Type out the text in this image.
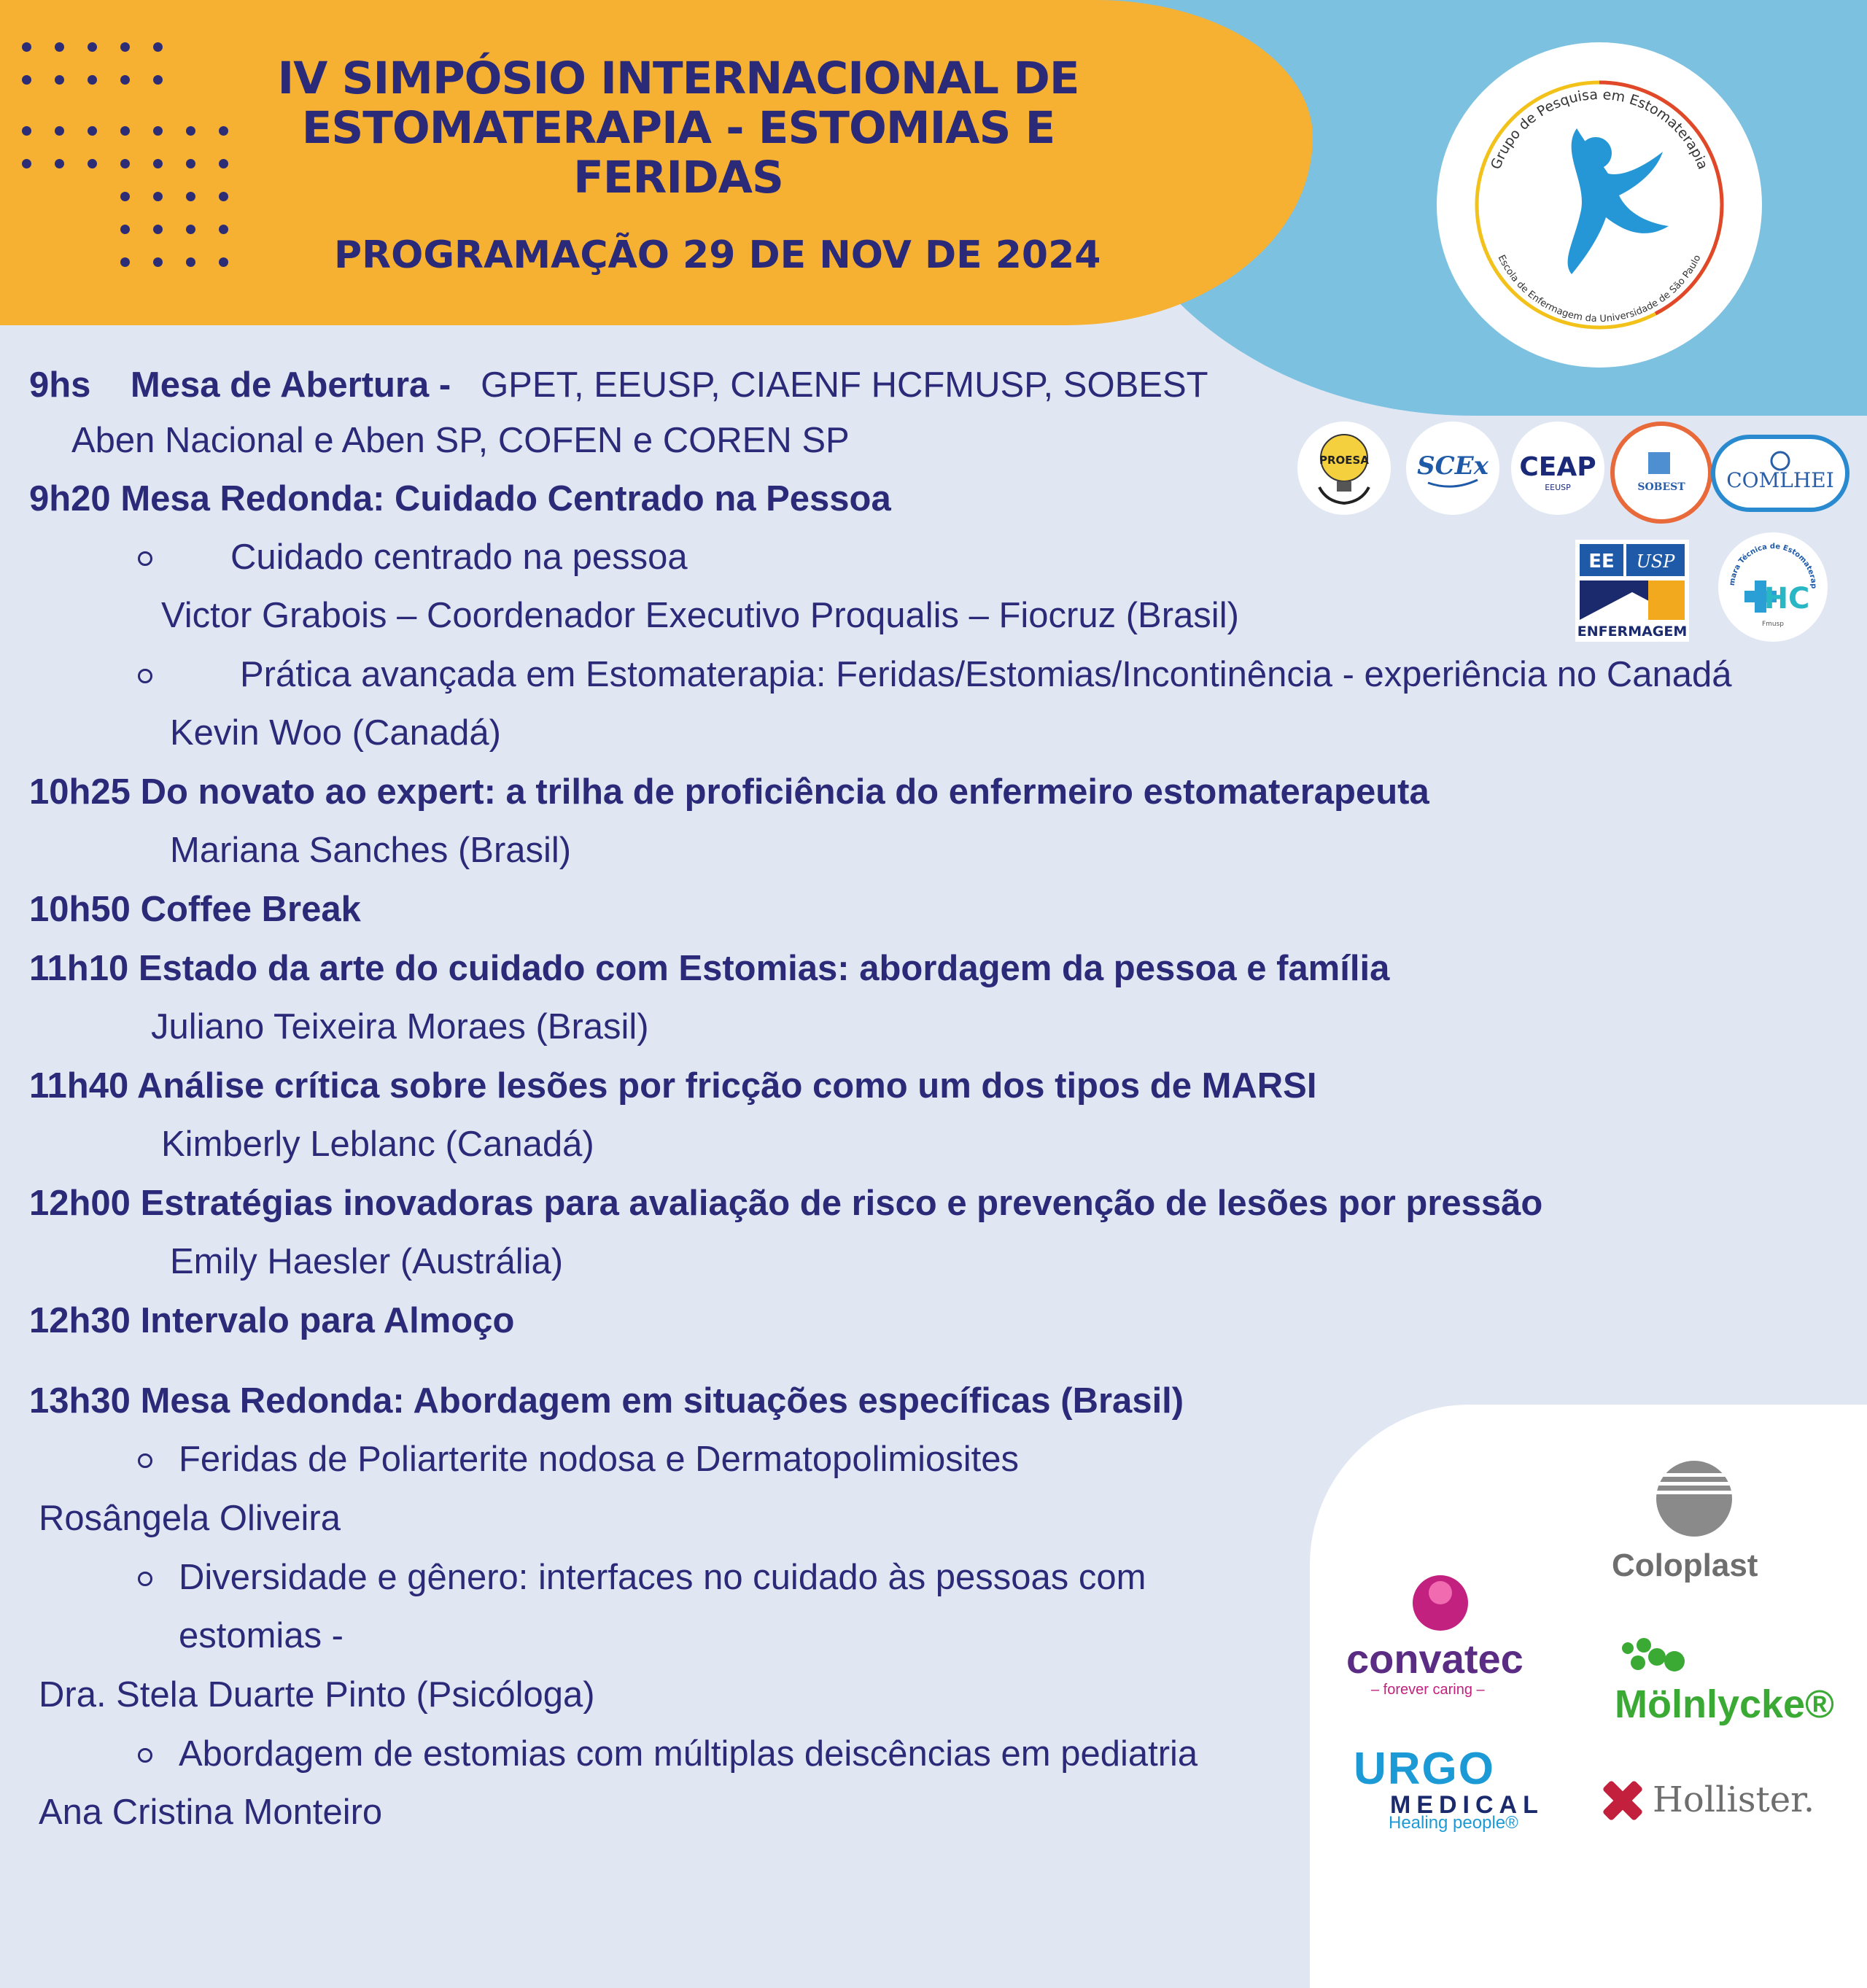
IV SIMPÓSIO INTERNACIONAL DE
ESTOMATERAPIA - ESTOMIAS E
FERIDAS
PROGRAMAÇÃO 29 DE NOV DE 2024
Grupo de Pesquisa em Estomaterapia
Escola de Enfermagem da Universidade de São Paulo
9hs Mesa de Abertura - GPET, EEUSP, CIAENF HCFMUSP, SOBEST
Aben Nacional e Aben SP, COFEN e COREN SP
9h20 Mesa Redonda: Cuidado Centrado na Pessoa
Cuidado centrado na pessoa
Victor Grabois – Coordenador Executivo Proqualis – Fiocruz (Brasil)
Prática avançada em Estomaterapia: Feridas/Estomias/Incontinência - experiência no Canadá
Kevin Woo (Canadá)
10h25 Do novato ao expert: a trilha de proficiência do enfermeiro estomaterapeuta
Mariana Sanches (Brasil)
10h50 Coffee Break
11h10 Estado da arte do cuidado com Estomias: abordagem da pessoa e família
Juliano Teixeira Moraes (Brasil)
11h40 Análise crítica sobre lesões por fricção como um dos tipos de MARSI
Kimberly Leblanc (Canadá)
12h00 Estratégias inovadoras para avaliação de risco e prevenção de lesões por pressão
Emily Haesler (Austrália)
12h30 Intervalo para Almoço
13h30 Mesa Redonda: Abordagem em situações específicas (Brasil)
Feridas de Poliarterite nodosa e Dermatopolimiosites
Rosângela Oliveira
Diversidade e gênero: interfaces no cuidado às pessoas com
estomias -
Dra. Stela Duarte Pinto (Psicóloga)
Abordagem de estomias com múltiplas deiscências em pediatria
Ana Cristina Monteiro
PROESA SCEx CEAP
EEUSP	SOBEST COMLHEI
EE USP
ENFERMAGEM
mara Técnica de Estomaterap
HC
Fmusp
Coloplast
convatec
– forever caring –	Mölnlycke®
URGO
MEDICAL
Healing people®
Hollister.
